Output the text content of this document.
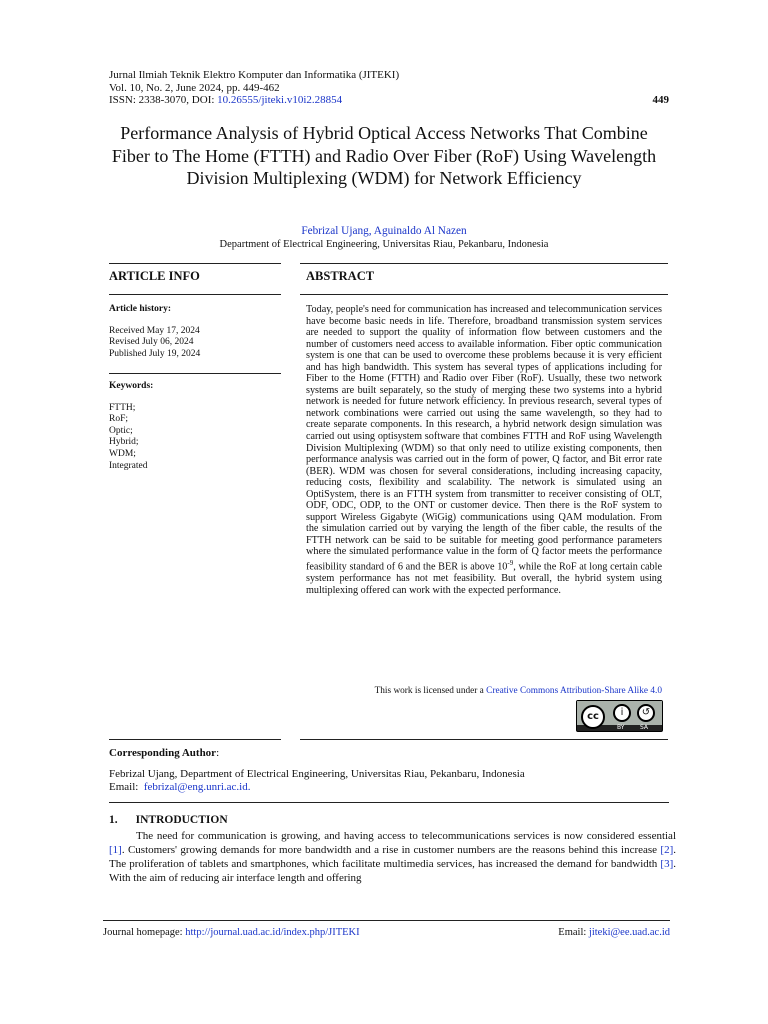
Jurnal Ilmiah Teknik Elektro Komputer dan Informatika (JITEKI)
Vol. 10, No. 2, June 2024, pp. 449-462
ISSN: 2338-3070, DOI: 10.26555/jiteki.v10i2.28854	449
Performance Analysis of Hybrid Optical Access Networks That Combine Fiber to The Home (FTTH) and Radio Over Fiber (RoF) Using Wavelength Division Multiplexing (WDM) for Network Efficiency
Febrizal Ujang, Aguinaldo Al Nazen
Department of Electrical Engineering, Universitas Riau, Pekanbaru, Indonesia
ARTICLE INFO	ABSTRACT
Article history:
Received May 17, 2024
Revised July 06, 2024
Published July 19, 2024
Keywords:
FTTH;
RoF;
Optic;
Hybrid;
WDM;
Integrated
Today, people's need for communication has increased and telecommunication services have become basic needs in life. Therefore, broadband transmission system services are needed to support the quality of information flow between customers and the number of customers need access to available information. Fiber optic communication system is one that can be used to overcome these problems because it is very efficient and has high bandwidth. This system has several types of applications including for Fiber to the Home (FTTH) and Radio over Fiber (RoF). Usually, these two network systems are built separately, so the study of merging these two systems into a hybrid network is needed for future network efficiency. In previous research, several types of network combinations were carried out using the same wavelength, so they had to create separate components. In this research, a hybrid network design simulation was carried out using optisystem software that combines FTTH and RoF using Wavelength Division Multiplexing (WDM) so that only need to utilize existing components, then performance analysis was carried out in the form of power, Q factor, and Bit error rate (BER). WDM was chosen for several considerations, including increasing capacity, reducing costs, flexibility and scalability. The network is simulated using an OptiSystem, there is an FTTH system from transmitter to receiver consisting of OLT, ODF, ODC, ODP, to the ONT or customer device. Then there is the RoF system to support Wireless Gigabyte (WiGig) communications using QAM modulation. From the simulation carried out by varying the length of the fiber cable, the results of the FTTH network can be said to be suitable for meeting good performance parameters where the simulated performance value in the form of Q factor meets the performance feasibility standard of 6 and the BER is above $10^{-9}$, while the RoF at long certain cable system performance has not met feasibility. But overall, the hybrid system using multiplexing offered can work with the expected performance.
This work is licensed under a Creative Commons Attribution-Share Alike 4.0
cc	i	↺
BY	SA
Corresponding Author:
Febrizal Ujang, Department of Electrical Engineering, Universitas Riau, Pekanbaru, Indonesia
Email: febrizal@eng.unri.ac.id.
1. INTRODUCTION
The need for communication is growing, and having access to telecommunications services is now considered essential [1]. Customers' growing demands for more bandwidth and a rise in customer numbers are the reasons behind this increase [2]. The proliferation of tablets and smartphones, which facilitate multimedia services, has increased the demand for bandwidth [3]. With the aim of reducing air interface length and offering
Journal homepage: http://journal.uad.ac.id/index.php/JITEKI	Email: jiteki@ee.uad.ac.id
